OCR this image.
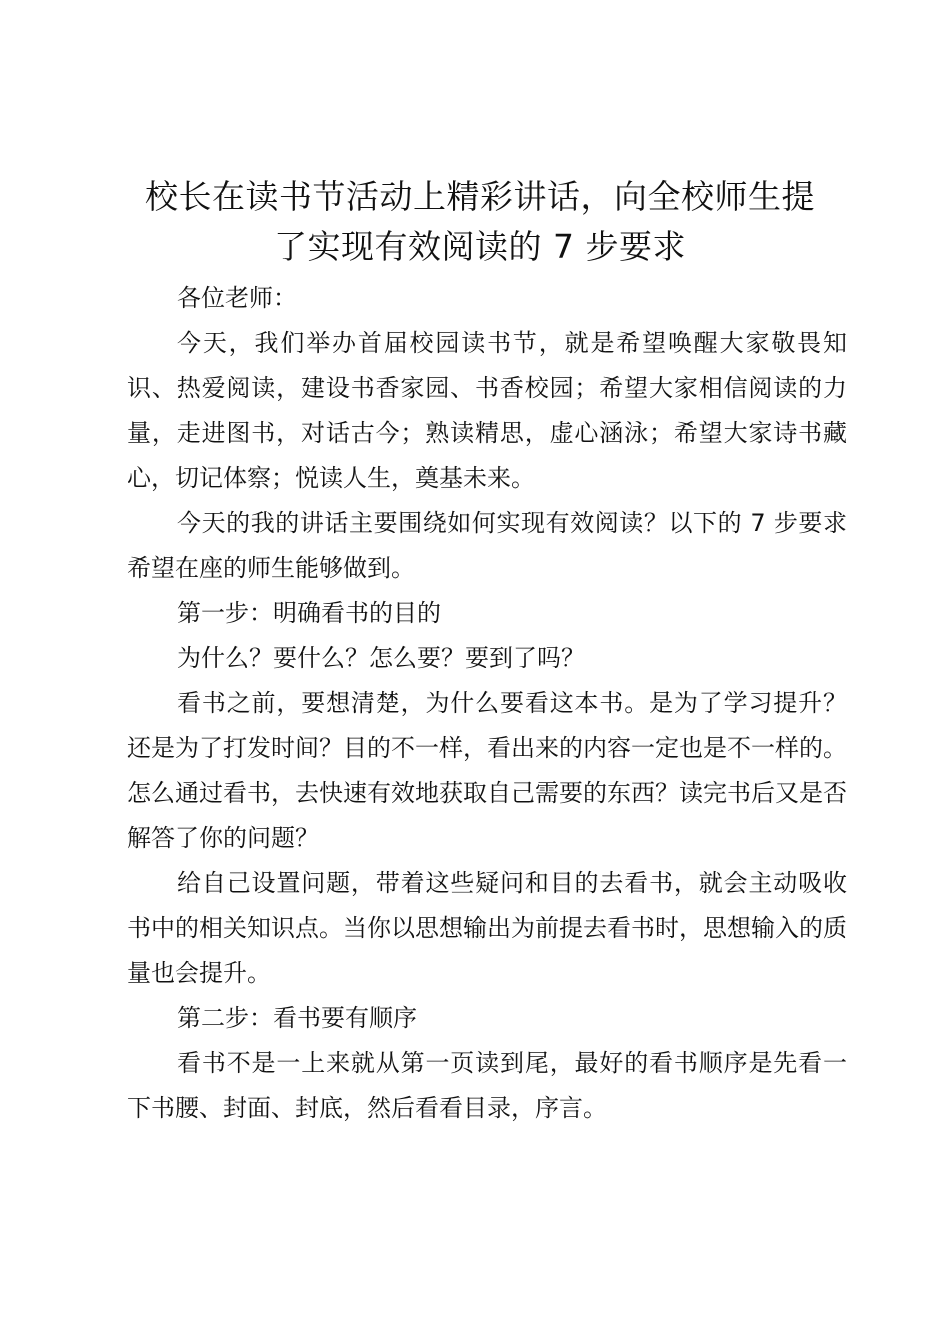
校长在读书节活动上精彩讲话，向全校师生提
了实现有效阅读的 7 步要求

各位老师：

今天，我们举办首届校园读书节，就是希望唤醒大家敬畏知识、热爱阅读，建设书香家园、书香校园；希望大家相信阅读的力量，走进图书，对话古今；熟读精思，虚心涵泳；希望大家诗书藏心，切记体察；悦读人生，奠基未来。

今天的我的讲话主要围绕如何实现有效阅读？以下的 7 步要求希望在座的师生能够做到。

第一步：明确看书的目的

为什么？要什么？怎么要？要到了吗？

看书之前，要想清楚，为什么要看这本书。是为了学习提升？还是为了打发时间？目的不一样，看出来的内容一定也是不一样的。怎么通过看书，去快速有效地获取自己需要的东西？读完书后又是否解答了你的问题？

给自己设置问题，带着这些疑问和目的去看书，就会主动吸收书中的相关知识点。当你以思想输出为前提去看书时，思想输入的质量也会提升。

第二步：看书要有顺序

看书不是一上来就从第一页读到尾，最好的看书顺序是先看一下书腰、封面、封底，然后看看目录，序言。
